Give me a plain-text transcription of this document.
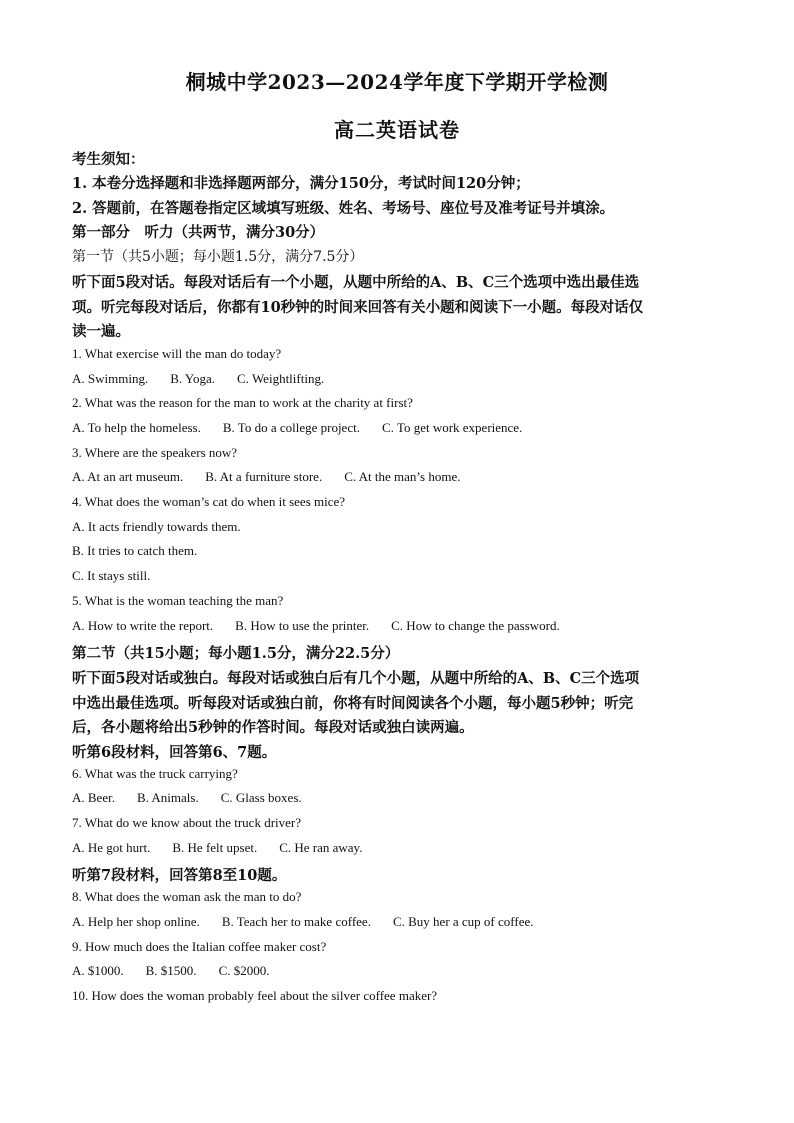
桐城中学2023—2024学年度下学期开学检测
高二英语试卷
考生须知：
1. 本卷分选择题和非选择题两部分，满分150分，考试时间120分钟；
2. 答题前，在答题卷指定区域填写班级、姓名、考场号、座位号及准考证号并填涂。
第一部分　听力（共两节，满分30分）
第一节（共5小题；每小题1.5分，满分7.5分）
听下面5段对话。每段对话后有一个小题，从题中所给的A、B、C三个选项中选出最佳选
项。听完每段对话后，你都有10秒钟的时间来回答有关小题和阅读下一小题。每段对话仅
读一遍。
1. What exercise will the man do today?
A. Swimming. B. Yoga. C. Weightlifting.
2. What was the reason for the man to work at the charity at first?
A. To help the homeless. B. To do a college project. C. To get work experience.
3. Where are the speakers now?
A. At an art museum. B. At a furniture store. C. At the man’s home.
4. What does the woman’s cat do when it sees mice?
A. It acts friendly towards them.
B. It tries to catch them.
C. It stays still.
5. What is the woman teaching the man?
A. How to write the report. B. How to use the printer. C. How to change the password.
第二节（共15小题；每小题1.5分，满分22.5分）
听下面5段对话或独白。每段对话或独白后有几个小题，从题中所给的A、B、C三个选项
中选出最佳选项。听每段对话或独白前，你将有时间阅读各个小题，每小题5秒钟；听完
后，各小题将给出5秒钟的作答时间。每段对话或独白读两遍。
听第6段材料，回答第6、7题。
6. What was the truck carrying?
A. Beer. B. Animals. C. Glass boxes.
7. What do we know about the truck driver?
A. He got hurt. B. He felt upset. C. He ran away.
听第7段材料，回答第8至10题。
8. What does the woman ask the man to do?
A. Help her shop online. B. Teach her to make coffee. C. Buy her a cup of coffee.
9. How much does the Italian coffee maker cost?
A. $1000. B. $1500. C. $2000.
10. How does the woman probably feel about the silver coffee maker?
